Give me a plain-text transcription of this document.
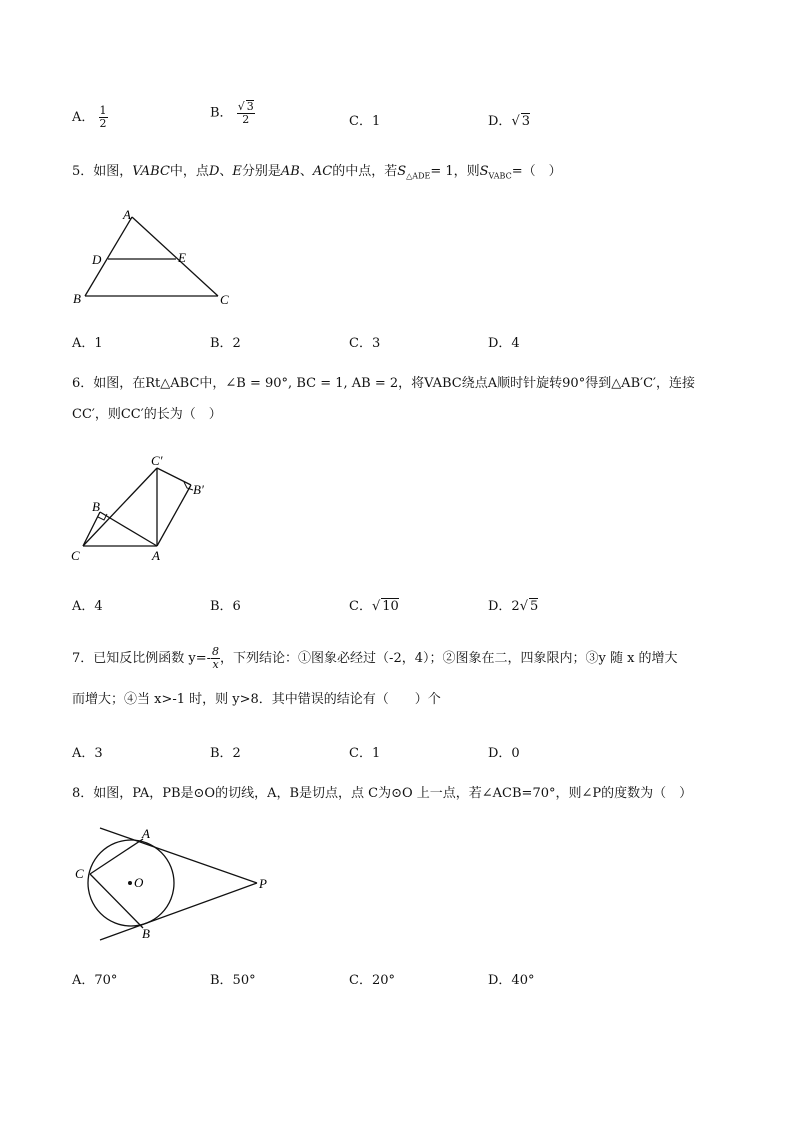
A． $\frac{1}{2}$	B． $\frac{√ 3}{2}$	C．1	D．√ 3
5．如图，VABC中，点D、E分别是AB、AC的中点，若$S_{\triangle ADE}= 1$，则$S_{VABC}=$（　）
A
D	E
B	C
A．1	B．2	C．3	D．4
6．如图，在Rt△ABC中，∠B = 90°, BC = 1, AB = 2，将VABC绕点A顺时针旋转90°得到△AB′C′，连接
CC′，则CC′的长为（　）
C′
B′
B
C	A
A．4	B．6	C．√ 10	D．2√ 5
7．已知反比例函数 $y=- \frac{8}{x}$ ，下列结论：①图象必经过（-2，4）；②图象在二，四象限内；③y 随 x 的增大
而增大；④当 x>-1 时，则 y>8．其中错误的结论有（　　）个
A．3	B．2	C．1	D．0
8．如图，PA，PB是⊙O的切线，A，B是切点，点 C为⊙O 上一点，若∠ACB=70°，则∠P的度数为（　）
A
C
O	P
B
A．70°	B．50°	C．20°	D．40°
